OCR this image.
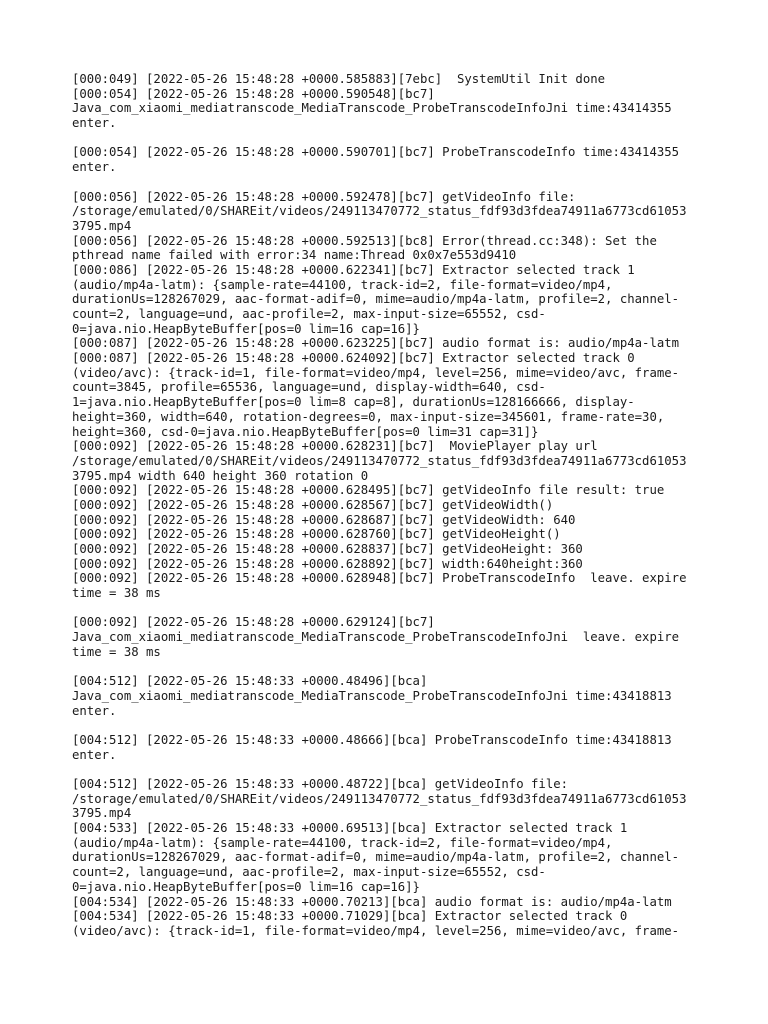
[000:049] [2022-05-26 15:48:28 +0000.585883][7ebc]  SystemUtil Init done
[000:054] [2022-05-26 15:48:28 +0000.590548][bc7]
Java_com_xiaomi_mediatranscode_MediaTranscode_ProbeTranscodeInfoJni time:43414355
enter.
[000:054] [2022-05-26 15:48:28 +0000.590701][bc7] ProbeTranscodeInfo time:43414355
enter.
[000:056] [2022-05-26 15:48:28 +0000.592478][bc7] getVideoInfo file:
/storage/emulated/0/SHAREit/videos/249113470772_status_fdf93d3fdea74911a6773cd61053
3795.mp4
[000:056] [2022-05-26 15:48:28 +0000.592513][bc8] Error(thread.cc:348): Set the
pthread name failed with error:34 name:Thread 0x0x7e553d9410
[000:086] [2022-05-26 15:48:28 +0000.622341][bc7] Extractor selected track 1
(audio/mp4a-latm): {sample-rate=44100, track-id=2, file-format=video/mp4,
durationUs=128267029, aac-format-adif=0, mime=audio/mp4a-latm, profile=2, channel-
count=2, language=und, aac-profile=2, max-input-size=65552, csd-
0=java.nio.HeapByteBuffer[pos=0 lim=16 cap=16]}
[000:087] [2022-05-26 15:48:28 +0000.623225][bc7] audio format is: audio/mp4a-latm
[000:087] [2022-05-26 15:48:28 +0000.624092][bc7] Extractor selected track 0
(video/avc): {track-id=1, file-format=video/mp4, level=256, mime=video/avc, frame-
count=3845, profile=65536, language=und, display-width=640, csd-
1=java.nio.HeapByteBuffer[pos=0 lim=8 cap=8], durationUs=128166666, display-
height=360, width=640, rotation-degrees=0, max-input-size=345601, frame-rate=30,
height=360, csd-0=java.nio.HeapByteBuffer[pos=0 lim=31 cap=31]}
[000:092] [2022-05-26 15:48:28 +0000.628231][bc7]  MoviePlayer play url
/storage/emulated/0/SHAREit/videos/249113470772_status_fdf93d3fdea74911a6773cd61053
3795.mp4 width 640 height 360 rotation 0
[000:092] [2022-05-26 15:48:28 +0000.628495][bc7] getVideoInfo file result: true
[000:092] [2022-05-26 15:48:28 +0000.628567][bc7] getVideoWidth()
[000:092] [2022-05-26 15:48:28 +0000.628687][bc7] getVideoWidth: 640
[000:092] [2022-05-26 15:48:28 +0000.628760][bc7] getVideoHeight()
[000:092] [2022-05-26 15:48:28 +0000.628837][bc7] getVideoHeight: 360
[000:092] [2022-05-26 15:48:28 +0000.628892][bc7] width:640height:360
[000:092] [2022-05-26 15:48:28 +0000.628948][bc7] ProbeTranscodeInfo  leave. expire
time = 38 ms
[000:092] [2022-05-26 15:48:28 +0000.629124][bc7]
Java_com_xiaomi_mediatranscode_MediaTranscode_ProbeTranscodeInfoJni  leave. expire
time = 38 ms
[004:512] [2022-05-26 15:48:33 +0000.48496][bca]
Java_com_xiaomi_mediatranscode_MediaTranscode_ProbeTranscodeInfoJni time:43418813
enter.
[004:512] [2022-05-26 15:48:33 +0000.48666][bca] ProbeTranscodeInfo time:43418813
enter.
[004:512] [2022-05-26 15:48:33 +0000.48722][bca] getVideoInfo file:
/storage/emulated/0/SHAREit/videos/249113470772_status_fdf93d3fdea74911a6773cd61053
3795.mp4
[004:533] [2022-05-26 15:48:33 +0000.69513][bca] Extractor selected track 1
(audio/mp4a-latm): {sample-rate=44100, track-id=2, file-format=video/mp4,
durationUs=128267029, aac-format-adif=0, mime=audio/mp4a-latm, profile=2, channel-
count=2, language=und, aac-profile=2, max-input-size=65552, csd-
0=java.nio.HeapByteBuffer[pos=0 lim=16 cap=16]}
[004:534] [2022-05-26 15:48:33 +0000.70213][bca] audio format is: audio/mp4a-latm
[004:534] [2022-05-26 15:48:33 +0000.71029][bca] Extractor selected track 0
(video/avc): {track-id=1, file-format=video/mp4, level=256, mime=video/avc, frame-
